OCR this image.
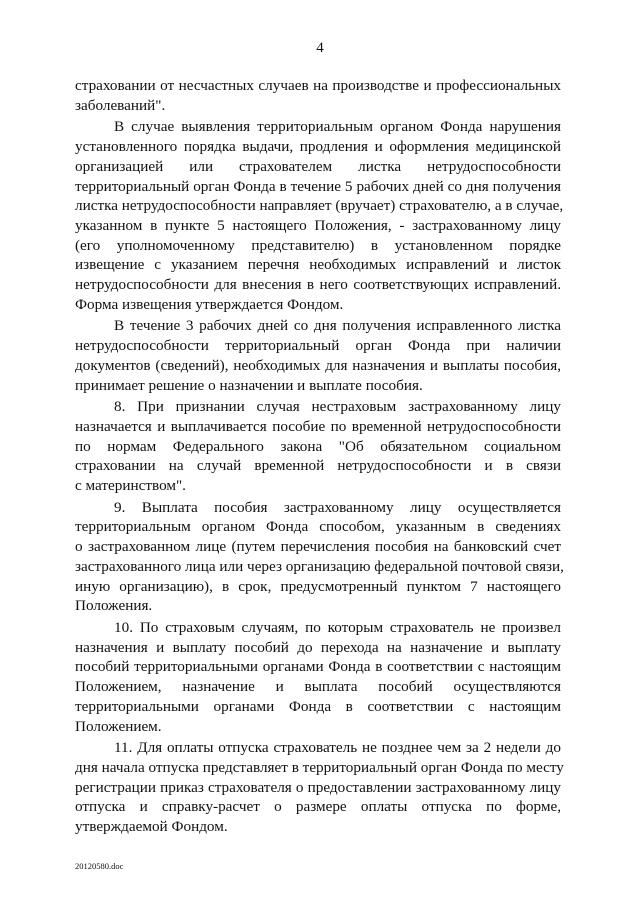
4
страховании от несчастных случаев на производстве и профессиональных
заболеваний".
В случае выявления территориальным органом Фонда нарушения
установленного порядка выдачи, продления и оформления медицинской
организацией или страхователем листка нетрудоспособности
территориальный орган Фонда в течение 5 рабочих дней со дня получения
листка нетрудоспособности направляет (вручает) страхователю, а в случае,
указанном в пункте 5 настоящего Положения, - застрахованному лицу
(его уполномоченному представителю) в установленном порядке
извещение с указанием перечня необходимых исправлений и листок
нетрудоспособности для внесения в него соответствующих исправлений.
Форма извещения утверждается Фондом.
В течение 3 рабочих дней со дня получения исправленного листка
нетрудоспособности территориальный орган Фонда при наличии
документов (сведений), необходимых для назначения и выплаты пособия,
принимает решение о назначении и выплате пособия.
8. При признании случая нестраховым застрахованному лицу
назначается и выплачивается пособие по временной нетрудоспособности
по нормам Федерального закона "Об обязательном социальном
страховании на случай временной нетрудоспособности и в связи
с материнством".
9. Выплата пособия застрахованному лицу осуществляется
территориальным органом Фонда способом, указанным в сведениях
о застрахованном лице (путем перечисления пособия на банковский счет
застрахованного лица или через организацию федеральной почтовой связи,
иную организацию), в срок, предусмотренный пунктом 7 настоящего
Положения.
10. По страховым случаям, по которым страхователь не произвел
назначения и выплату пособий до перехода на назначение и выплату
пособий территориальными органами Фонда в соответствии с настоящим
Положением, назначение и выплата пособий осуществляются
территориальными органами Фонда в соответствии с настоящим
Положением.
11. Для оплаты отпуска страхователь не позднее чем за 2 недели до
дня начала отпуска представляет в территориальный орган Фонда по месту
регистрации приказ страхователя о предоставлении застрахованному лицу
отпуска и справку-расчет о размере оплаты отпуска по форме,
утверждаемой Фондом.
20120580.doc
